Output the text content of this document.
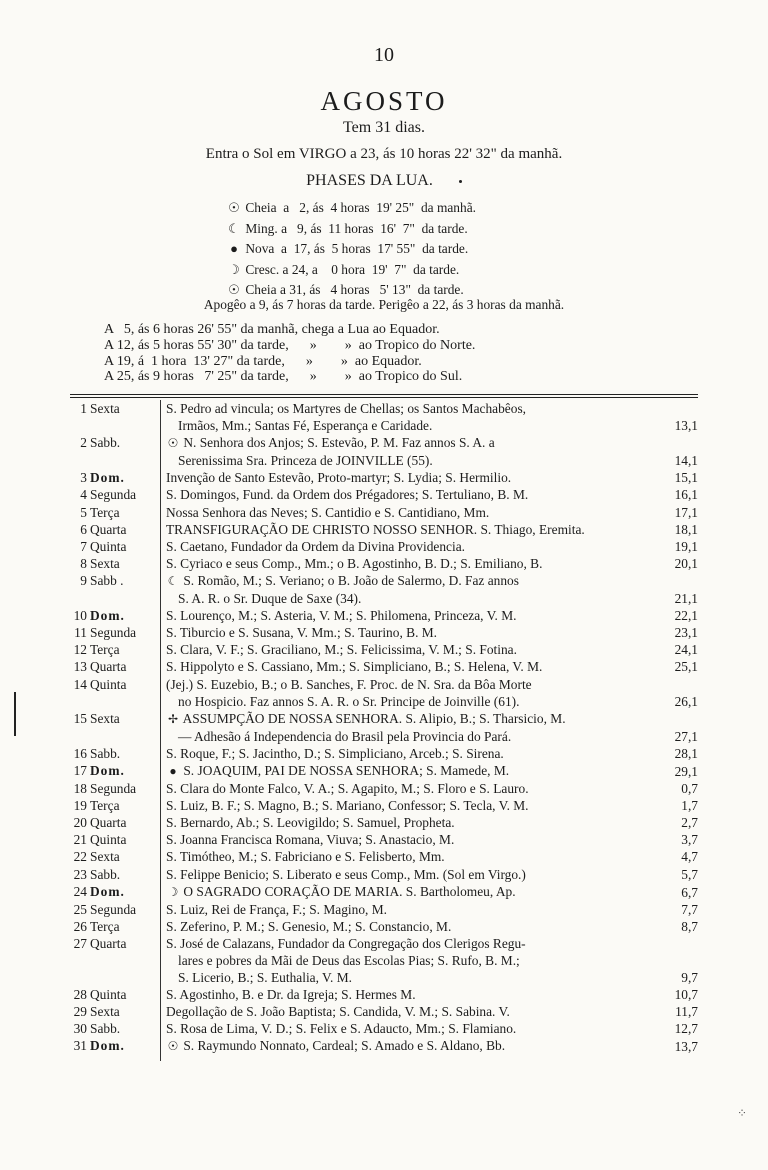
10
AGOSTO
Tem 31 dias.
Entra o Sol em VIRGO a 23, ás 10 horas 22' 32" da manhã.
PHASES DA LUA.
☉ Cheia  a   2, ás  4 horas  19' 25"  da manhã.
☾ Ming. a   9, ás  11 horas  16'  7"  da tarde.
● Nova  a  17, ás  5 horas  17' 55"  da tarde.
☽ Cresc. a 24, a    0 hora  19'  7"  da tarde.
☉ Cheia a 31, ás   4 horas   5' 13"  da tarde.
Apogêo a 9, ás 7 horas da tarde. Perigêo a 22, ás 3 horas da manhã.
A   5, ás 6 horas 26' 55" da manhã, chega a Lua ao Equador.
A 12, ás 5 horas 55' 30" da tarde,      »        »  ao Tropico do Norte.
A 19, á  1 hora  13' 27" da tarde,      »        »  ao Equador.
A 25, ás 9 horas   7' 25" da tarde,      »        »  ao Tropico do Sul.
1 Sexta	S. Pedro ad vincula; os Martyres de Chellas; os Santos Machabêos,
Irmãos, Mm.; Santas Fé, Esperança e Caridade.	13,1
2 Sabb.	☉ N. Senhora dos Anjos; S. Estevão, P. M. Faz annos S. A. a
Serenissima Sra. Princeza de JOINVILLE (55).	14,1
3 Dom.	Invenção de Santo Estevão, Proto-martyr; S. Lydia; S. Hermilio.	15,1
4 Segunda	S. Domingos, Fund. da Ordem dos Prégadores; S. Tertuliano, B. M.	16,1
5 Terça	Nossa Senhora das Neves; S. Cantidio e S. Cantidiano, Mm.	17,1
6 Quarta	TRANSFIGURAÇÃO DE CHRISTO NOSSO SENHOR. S. Thiago, Eremita.	18,1
7 Quinta	S. Caetano, Fundador da Ordem da Divina Providencia.	19,1
8 Sexta	S. Cyriaco e seus Comp., Mm.; o B. Agostinho, B. D.; S. Emiliano, B.	20,1
9 Sabb .	☾ S. Romão, M.; S. Veriano; o B. João de Salermo, D. Faz annos
S. A. R. o Sr. Duque de Saxe (34).	21,1
10 Dom.	S. Lourenço, M.; S. Asteria, V. M.; S. Philomena, Princeza, V. M.	22,1
11 Segunda	S. Tiburcio e S. Susana, V. Mm.; S. Taurino, B. M.	23,1
12 Terça	S. Clara, V. F.; S. Graciliano, M.; S. Felicissima, V. M.; S. Fotina.	24,1
13 Quarta	S. Hippolyto e S. Cassiano, Mm.; S. Simpliciano, B.; S. Helena, V. M.	25,1
14 Quinta	(Jej.) S. Euzebio, B.; o B. Sanches, F. Proc. de N. Sra. da Bôa Morte
no Hospicio. Faz annos S. A. R. o Sr. Principe de Joinville (61).	26,1
15 Sexta	✢ ASSUMPÇÃO DE NOSSA SENHORA. S. Alipio, B.; S. Tharsicio, M.
— Adhesão á Independencia do Brasil pela Provincia do Pará.	27,1
16 Sabb.	S. Roque, F.; S. Jacintho, D.; S. Simpliciano, Arceb.; S. Sirena.	28,1
17 Dom.	● S. JOAQUIM, PAI DE NOSSA SENHORA; S. Mamede, M.	29,1
18 Segunda	S. Clara do Monte Falco, V. A.; S. Agapito, M.; S. Floro e S. Lauro.	0,7
19 Terça	S. Luiz, B. F.; S. Magno, B.; S. Mariano, Confessor; S. Tecla, V. M.	1,7
20 Quarta	S. Bernardo, Ab.; S. Leovigildo; S. Samuel, Propheta.	2,7
21 Quinta	S. Joanna Francisca Romana, Viuva; S. Anastacio, M.	3,7
22 Sexta	S. Timótheo, M.; S. Fabriciano e S. Felisberto, Mm.	4,7
23 Sabb.	S. Felippe Benicio; S. Liberato e seus Comp., Mm. (Sol em Virgo.)	5,7
24 Dom.	☽ O SAGRADO CORAÇÃO DE MARIA. S. Bartholomeu, Ap.	6,7
25 Segunda	S. Luiz, Rei de França, F.; S. Magino, M.	7,7
26 Terça	S. Zeferino, P. M.; S. Genesio, M.; S. Constancio, M.	8,7
27 Quarta	S. José de Calazans, Fundador da Congregação dos Clerigos Regu-
lares e pobres da Mãi de Deus das Escolas Pias; S. Rufo, B. M.;
S. Licerio, B.; S. Euthalia, V. M.	9,7
28 Quinta	S. Agostinho, B. e Dr. da Igreja; S. Hermes M.	10,7
29 Sexta	Degollação de S. João Baptista; S. Candida, V. M.; S. Sabina. V.	11,7
30 Sabb.	S. Rosa de Lima, V. D.; S. Felix e S. Adaucto, Mm.; S. Flamiano.	12,7
31 Dom.	☉ S. Raymundo Nonnato, Cardeal; S. Amado e S. Aldano, Bb.	13,7
⁘
